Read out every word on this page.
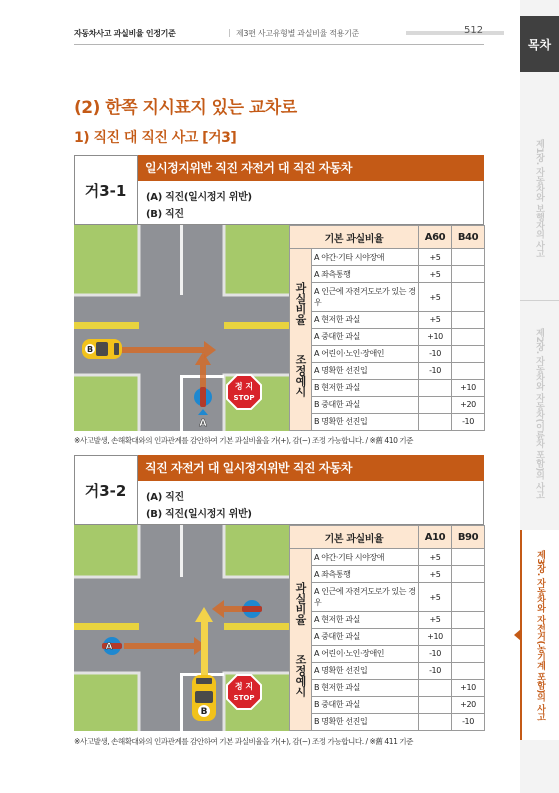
자동차사고 과실비율 인정기준	| 제3편 사고유형별 과실비율 적용기준	512
목차
제1장. 자동차와 보행자의 사고
제2장. 자동차와 자동차(이륜차 포함)의 사고
제3장. 자동차와 자전거(농기계 포함)의 사고
(2) 한쪽 지시표지 있는 교차로
1) 직진 대 직진 사고 [거3]
거3-1
일시정지위반 직진 자전거 대 직진 자동차
(A) 직진(일시정지 위반)
(B) 직진
B
A
정 지
STOP
기본 과실비율		A60	B40

과실비율
조정예시	A 야간·기타 시야장애	+5	
	A 좌측통행	+5	
	A 인근에 자전거도로가 있는 경우	+5	
	A 현저한 과실	+5	
	A 중대한 과실	+10	
	A 어린이·노인·장애인	-10	
	A 명확한 선진입	-10	
	B 현저한 과실		+10
	B 중대한 과실		+20
	B 명확한 선진입		-10
※사고발생, 손해확대와의 인과관계를 감안하여 기본 과실비율을 가(+), 감(−) 조정 가능합니다. / ※舊 410 기준
거3-2
직진 자전거 대 일시정지위반 직진 자동차
(A) 직진
(B) 직진(일시정지 위반)
A
B
정 지
STOP
기본 과실비율		A10	B90

과실비율
조정예시	A 야간·기타 시야장애	+5	
	A 좌측통행	+5	
	A 인근에 자전거도로가 있는 경우	+5	
	A 현저한 과실	+5	
	A 중대한 과실	+10	
	A 어린이·노인·장애인	-10	
	A 명확한 선진입	-10	
	B 현저한 과실		+10
	B 중대한 과실		+20
	B 명확한 선진입		-10
※사고발생, 손해확대와의 인과관계를 감안하여 기본 과실비율을 가(+), 감(−) 조정 가능합니다. / ※舊 411 기준
